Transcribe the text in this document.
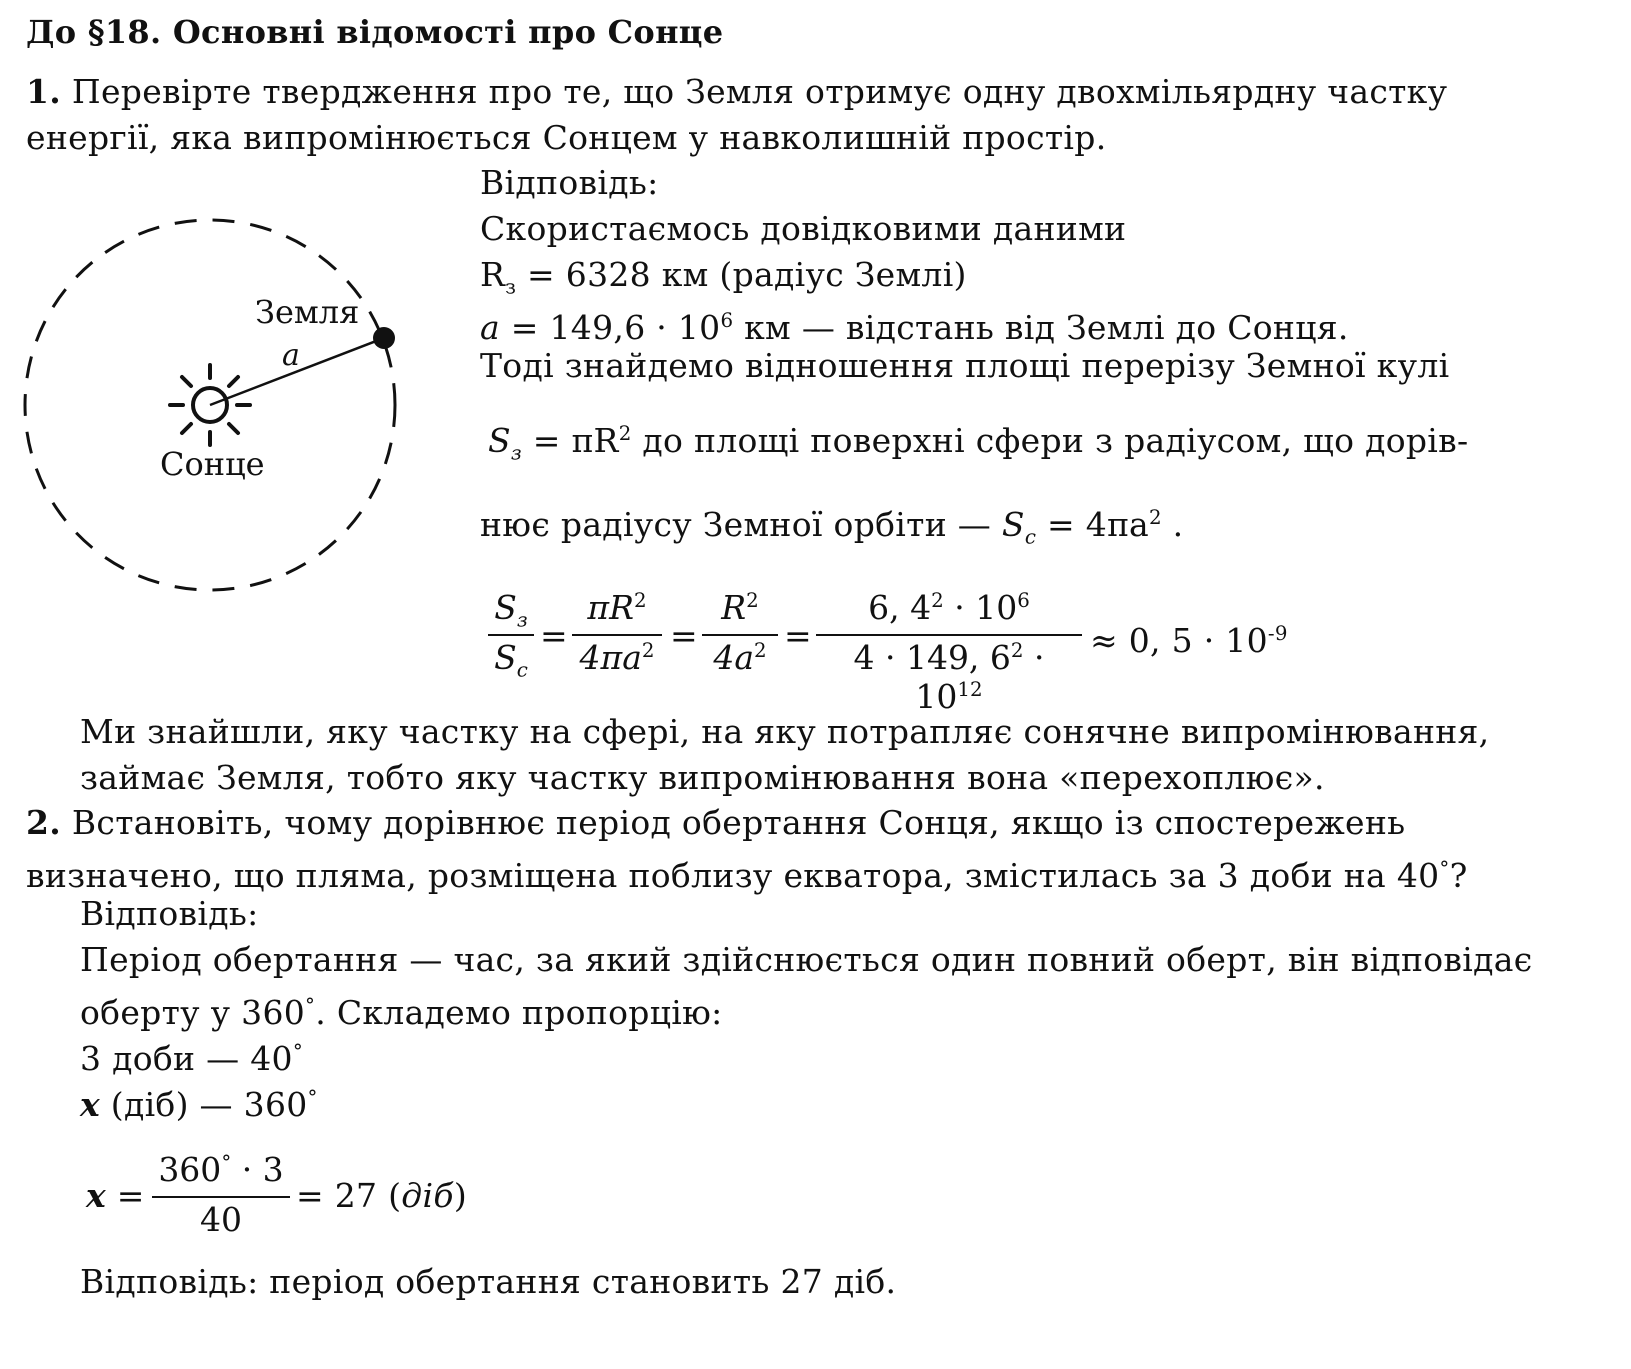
До §18. Основні відомості про Сонце
1. Перевірте твердження про те, що Земля отримує одну двохмільярдну частку
енергії, яка випромінюється Сонцем у навколишній простір.
Земля
a
Сонце
Відповідь:
Скористаємось довідковими даними
$R_з = 6328$ км (радіус Землі)
$a = 149,6 \cdot 10^6$ км — відстань від Землі до Сонця.
Тоді знайдемо відношення площі перерізу Земної кулі
$S_з = \pi R^2$ до площі поверхні сфери з радіусом, що дорів-
нює радіусу Земної орбіти — $S_c = 4\pi a^2$ .
$S_з$
$S_c$
=
$\pi R^2$
$4\pi a^2$ =
$R^2$
$4a^2$ =
6, $4^2 \cdot 10^6$
4 · 149, $6^2 \cdot 10^{12}$
≈ 0, $5 \cdot 10^{-9}$
Ми знайшли, яку частку на сфері, на яку потрапляє сонячне випромінювання,
займає Земля, тобто яку частку випромінювання вона «перехоплює».
2. Встановіть, чому дорівнює період обертання Сонця, якщо із спостережень
визначено, що пляма, розміщена поблизу екватора, змістилась за 3 доби на 40°?
Відповідь:
Період обертання — час, за який здійснюється один повний оберт, він відповідає
оберту у 360°. Складемо пропорцію:
3 доби — 40°
x (діб) — 360°
x =
360° · 3
40
= 27 (діб)
Відповідь: період обертання становить 27 діб.
